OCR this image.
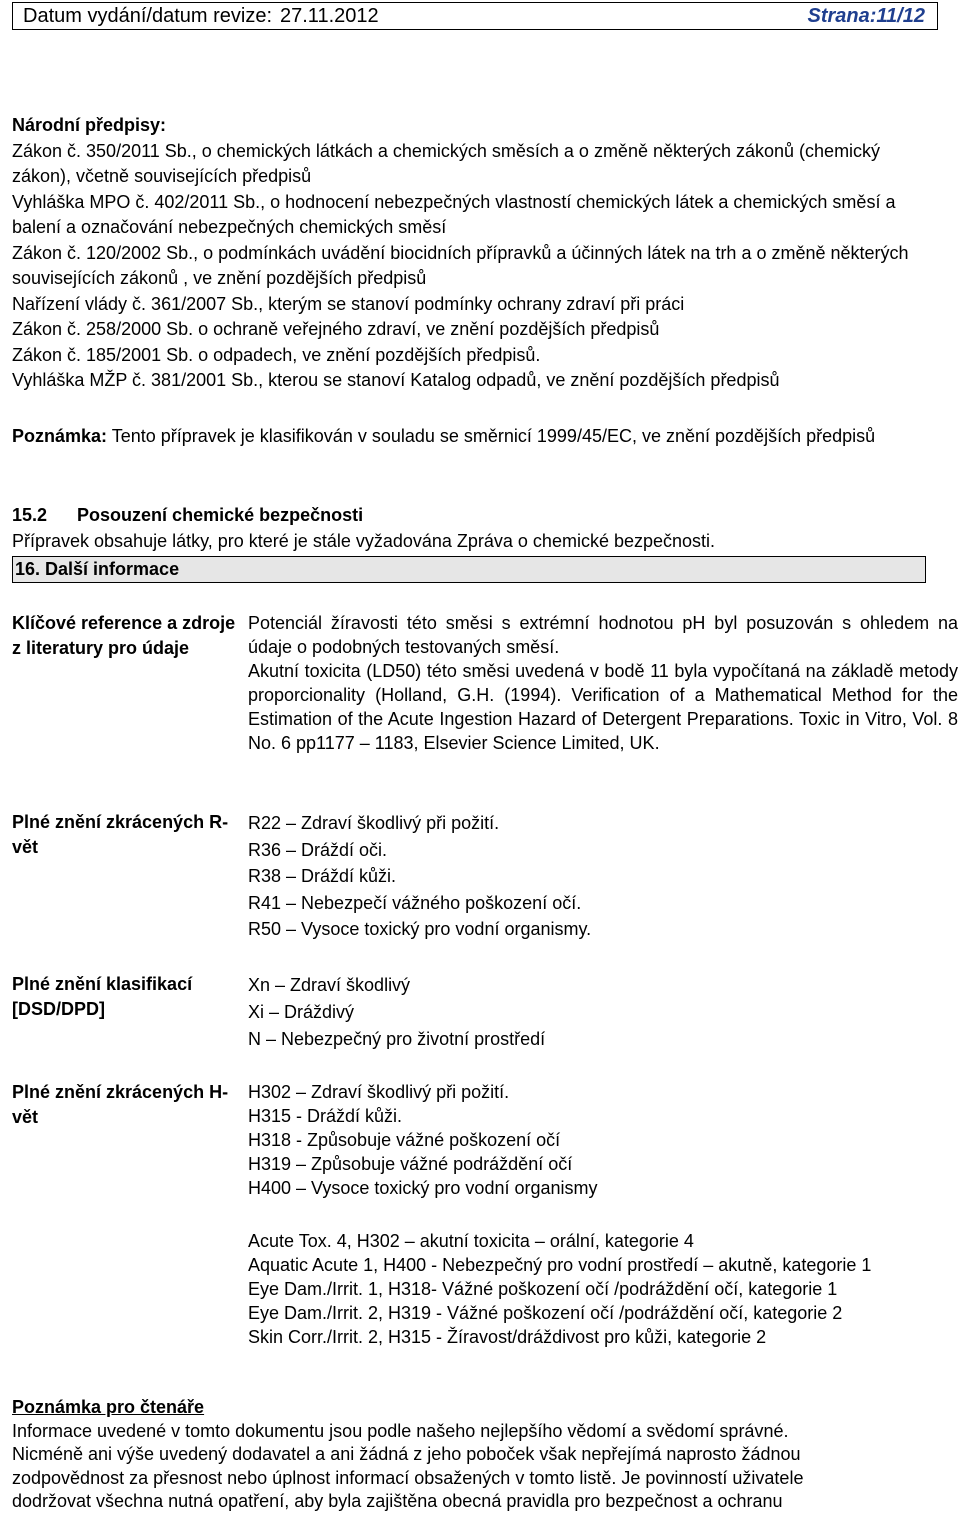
Datum vydání/datum revize: 27.11.2012	Strana:11/12

Národní předpisy:

Zákon č. 350/2011 Sb., o chemických látkách a chemických směsích a o změně některých zákonů (chemický zákon), včetně souvisejících předpisů

Vyhláška MPO č. 402/2011 Sb., o hodnocení nebezpečných vlastností chemických látek a chemických směsí a balení a označování nebezpečných chemických směsí

Zákon č. 120/2002 Sb., o podmínkách uvádění biocidních přípravků a účinných látek na trh a o změně některých souvisejících zákonů , ve znění pozdějších předpisů

Nařízení vlády č. 361/2007 Sb., kterým se stanoví podmínky ochrany zdraví při práci

Zákon č. 258/2000 Sb. o ochraně veřejného zdraví, ve znění pozdějších předpisů

Zákon č. 185/2001 Sb. o odpadech, ve znění pozdějších předpisů.

Vyhláška MŽP č. 381/2001 Sb., kterou se stanoví Katalog odpadů, ve znění pozdějších předpisů

Poznámka: Tento přípravek je klasifikován v souladu se směrnicí 1999/45/EC, ve znění pozdějších předpisů

15.2 Posouzení chemické bezpečnosti

Přípravek obsahuje látky, pro které je stále vyžadována Zpráva o chemické bezpečnosti.

16. Další informace
Klíčové reference a zdroje z literatury pro údaje

Potenciál žíravosti této směsi s extrémní hodnotou pH byl posuzován s ohledem na údaje o podobných testovaných směsí.

Akutní toxicita (LD50) této směsi uvedená v bodě 11 byla vypočítaná na základě metody proporcionality (Holland, G.H. (1994). Verification of a Mathematical Method for the Estimation of the Acute Ingestion Hazard of Detergent Preparations. Toxic in Vitro, Vol. 8 No. 6 pp1177 – 1183, Elsevier Science Limited, UK.

Plné znění zkrácených R-vět

R22 – Zdraví škodlivý při požití.

R36 – Dráždí oči.

R38 – Dráždí kůži.

R41 – Nebezpečí vážného poškození očí.

R50 – Vysoce toxický pro vodní organismy.

Plné znění klasifikací [DSD/DPD]

Xn – Zdraví škodlivý

Xi – Dráždivý

N – Nebezpečný pro životní prostředí

Plné znění zkrácených H-vět

H302 – Zdraví škodlivý při požití.

H315 - Dráždí kůži.

H318 - Způsobuje vážné poškození očí

H319 – Způsobuje vážné podráždění očí

H400 – Vysoce toxický pro vodní organismy

Acute Tox. 4, H302 – akutní toxicita – orální, kategorie 4

Aquatic Acute 1, H400 - Nebezpečný pro vodní prostředí – akutně, kategorie 1

Eye Dam./Irrit. 1, H318- Vážné poškození očí /podráždění očí, kategorie 1

Eye Dam./Irrit. 2, H319 - Vážné poškození očí /podráždění očí, kategorie 2

Skin Corr./Irrit. 2, H315 - Žíravost/dráždivost pro kůži, kategorie 2

Poznámka pro čtenáře

Informace uvedené v tomto dokumentu jsou podle našeho nejlepšího vědomí a svědomí správné.

Nicméně ani výše uvedený dodavatel a ani žádná z jeho poboček však nepřejímá naprosto žádnou

zodpovědnost za přesnost nebo úplnost informací obsažených v tomto listě. Je povinností uživatele

dodržovat všechna nutná opatření, aby byla zajištěna obecná pravidla pro bezpečnost a ochranu
